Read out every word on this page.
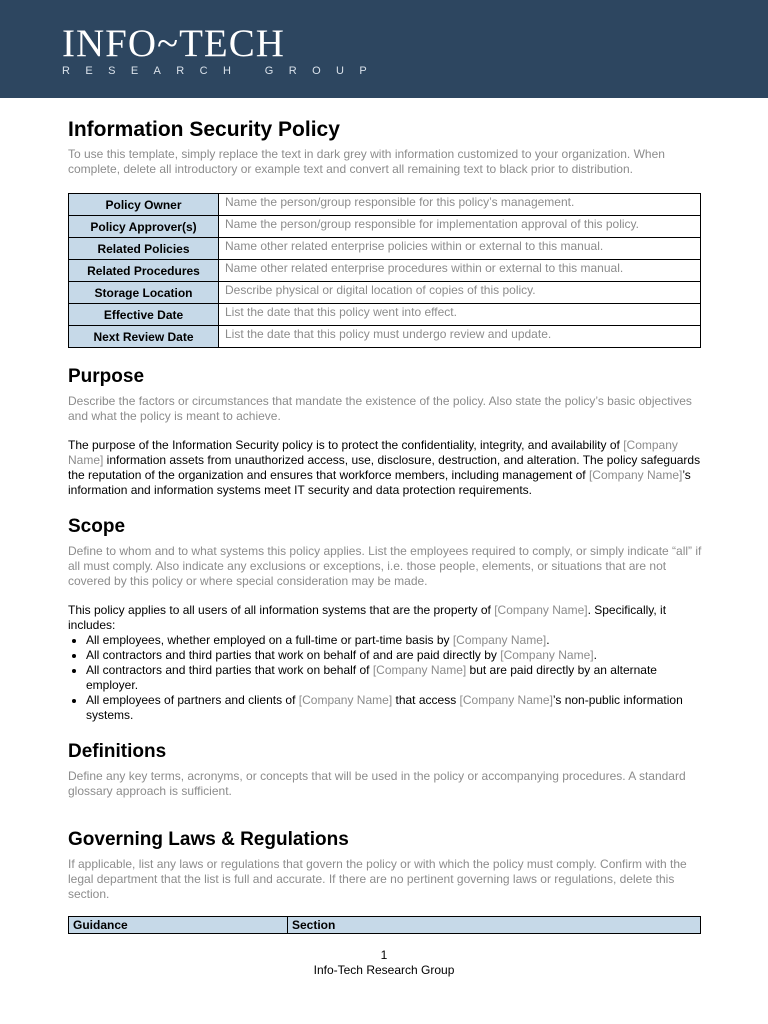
INFO~TECH
RESEARCH GROUP
Information Security Policy

To use this template, simply replace the text in dark grey with information customized to your organization. When complete, delete all introductory or example text and convert all remaining text to black prior to distribution.

Policy Owner	Name the person/group responsible for this policy’s management.
Policy Approver(s)	Name the person/group responsible for implementation approval of this policy.
Related Policies	Name other related enterprise policies within or external to this manual.
Related Procedures	Name other related enterprise procedures within or external to this manual.
Storage Location	Describe physical or digital location of copies of this policy.
Effective Date	List the date that this policy went into effect.
Next Review Date	List the date that this policy must undergo review and update.
Purpose

Describe the factors or circumstances that mandate the existence of the policy. Also state the policy’s basic objectives and what the policy is meant to achieve.

The purpose of the Information Security policy is to protect the confidentiality, integrity, and availability of [Company Name] information assets from unauthorized access, use, disclosure, destruction, and alteration. The policy safeguards the reputation of the organization and ensures that workforce members, including management of [Company Name]’s information and information systems meet IT security and data protection requirements.

Scope

Define to whom and to what systems this policy applies. List the employees required to comply, or simply indicate “all” if all must comply. Also indicate any exclusions or exceptions, i.e. those people, elements, or situations that are not covered by this policy or where special consideration may be made.

This policy applies to all users of all information systems that are the property of [Company Name]. Specifically, it includes:

• All employees, whether employed on a full-time or part-time basis by [Company Name].
• All contractors and third parties that work on behalf of and are paid directly by [Company Name].
• All contractors and third parties that work on behalf of [Company Name] but are paid directly by an alternate employer.
• All employees of partners and clients of [Company Name] that access [Company Name]’s non-public information systems.
Definitions

Define any key terms, acronyms, or concepts that will be used in the policy or accompanying procedures. A standard glossary approach is sufficient.

Governing Laws & Regulations

If applicable, list any laws or regulations that govern the policy or with which the policy must comply. Confirm with the legal department that the list is full and accurate. If there are no pertinent governing laws or regulations, delete this section.

Guidance	Section
1
Info-Tech Research Group
